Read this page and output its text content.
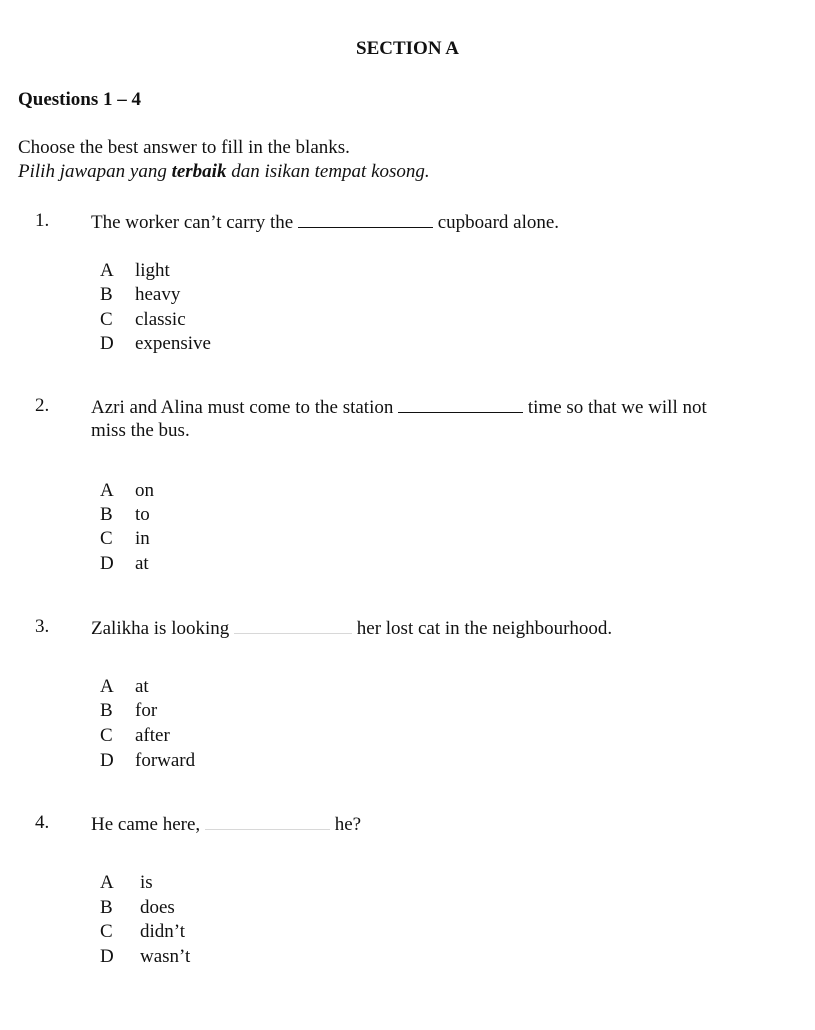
SECTION A
Questions 1 – 4
Choose the best answer to fill in the blanks.
Pilih jawapan yang terbaik dan isikan tempat kosong.
1. The worker can’t carry the	cupboard alone.
A	light
B	heavy
C	classic
D	expensive
2. Azri and Alina must come to the station	time so that we will not
miss the bus.
A	on
B	to
C	in
D	at
3. Zalikha is looking	her lost cat in the neighbourhood.
A	at
B	for
C	after
D	forward
4. He came here,	he?
A	is
B	does
C	didn’t
D	wasn’t
